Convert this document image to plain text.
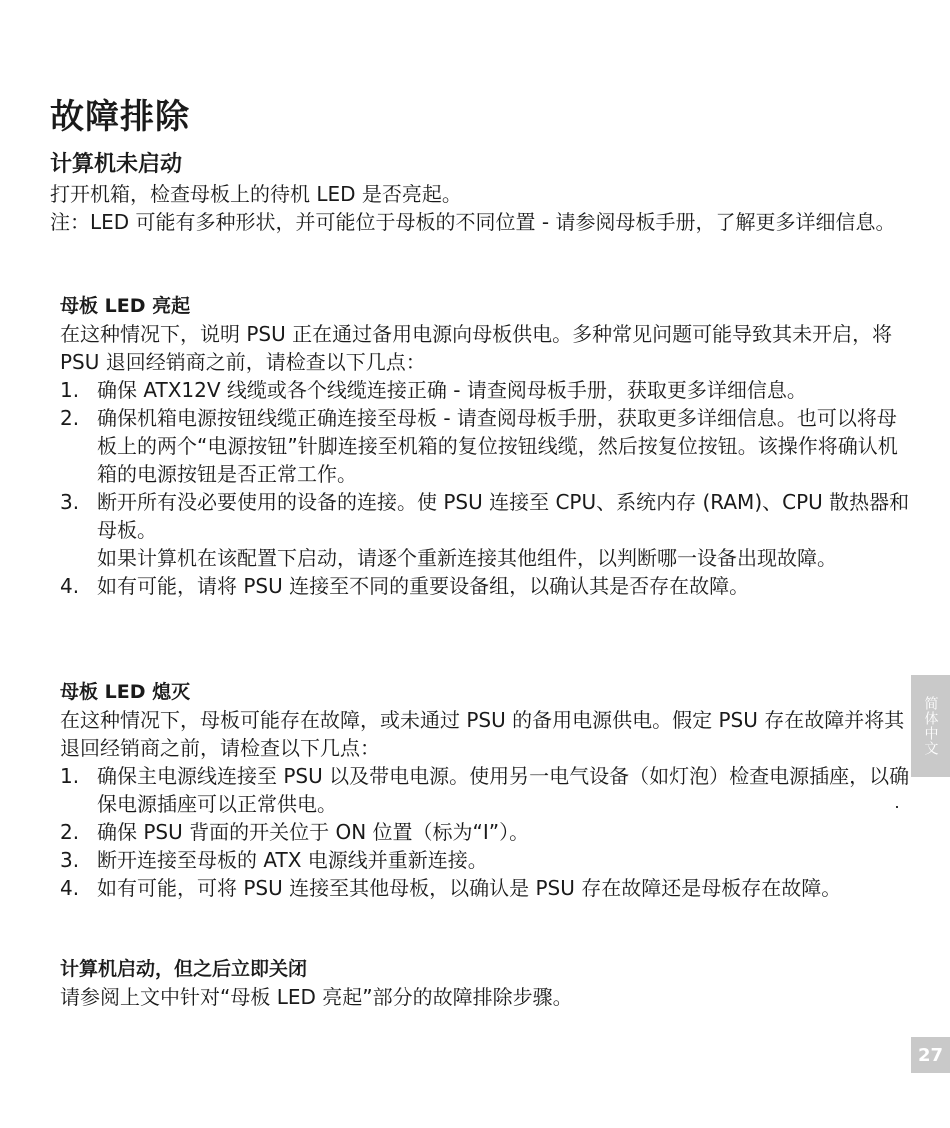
故障排除
计算机未启动
打开机箱，检查母板上的待机 LED 是否亮起。
注：LED 可能有多种形状，并可能位于母板的不同位置 - 请参阅母板手册，了解更多详细信息。
母板 LED 亮起
在这种情况下，说明 PSU 正在通过备用电源向母板供电。多种常见问题可能导致其未开启，将 PSU 退回经销商之前，请检查以下几点：
1. 确保 ATX12V 线缆或各个线缆连接正确 - 请查阅母板手册，获取更多详细信息。
2. 确保机箱电源按钮线缆正确连接至母板 - 请查阅母板手册，获取更多详细信息。也可以将母板上的两个“电源按钮”针脚连接至机箱的复位按钮线缆，然后按复位按钮。该操作将确认机箱的电源按钮是否正常工作。
3. 断开所有没必要使用的设备的连接。使 PSU 连接至 CPU、系统内存 (RAM)、CPU 散热器和母板。
如果计算机在该配置下启动，请逐个重新连接其他组件，以判断哪一设备出现故障。
4. 如有可能，请将 PSU 连接至不同的重要设备组，以确认其是否存在故障。
母板 LED 熄灭
在这种情况下，母板可能存在故障，或未通过 PSU 的备用电源供电。假定 PSU 存在故障并将其退回经销商之前，请检查以下几点：
1. 确保主电源线连接至 PSU 以及带电电源。使用另一电气设备（如灯泡）检查电源插座，以确保电源插座可以正常供电。
2. 确保 PSU 背面的开关位于 ON 位置（标为“I”）。
3. 断开连接至母板的 ATX 电源线并重新连接。
4. 如有可能，可将 PSU 连接至其他母板，以确认是 PSU 存在故障还是母板存在故障。
计算机启动，但之后立即关闭
请参阅上文中针对“母板 LED 亮起”部分的故障排除步骤。
简体中文
27
